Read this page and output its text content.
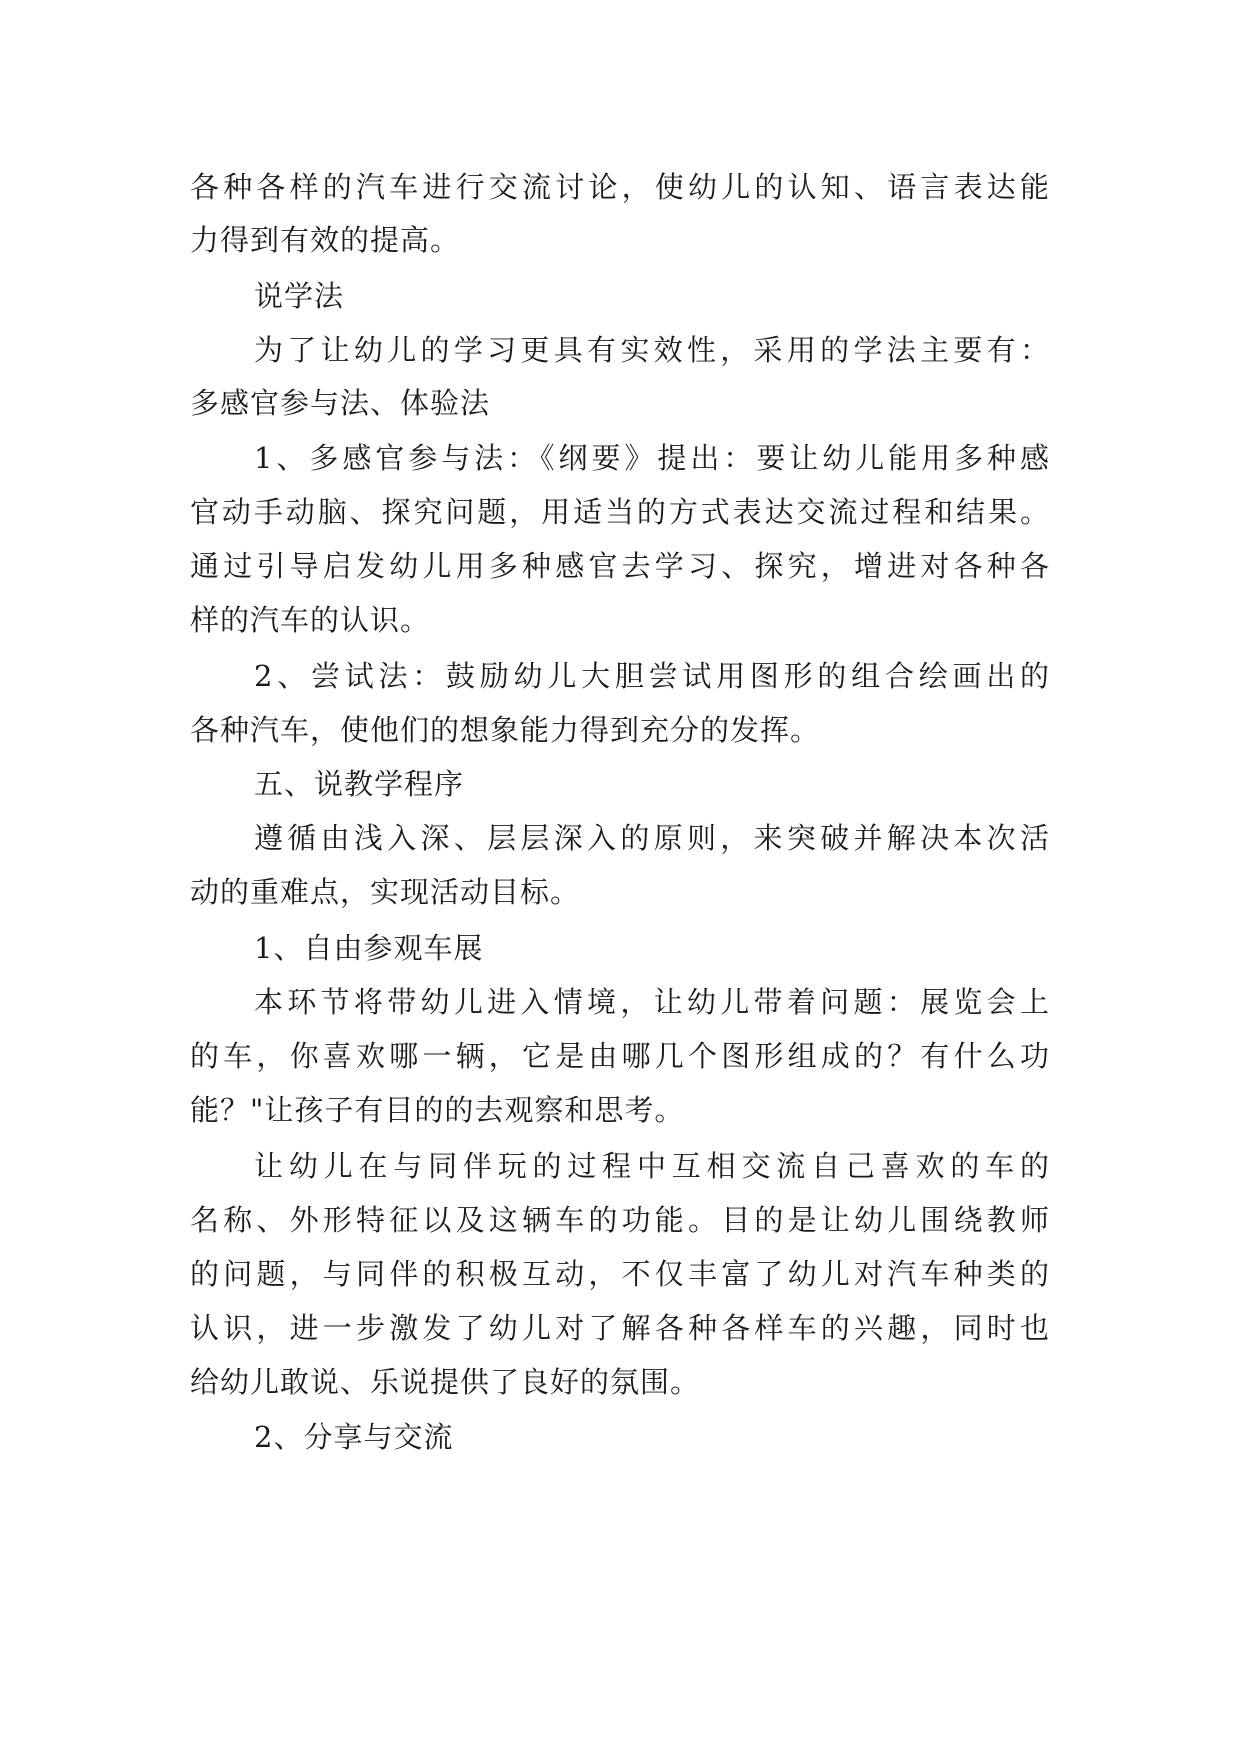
各种各样的汽车进行交流讨论，使幼儿的认知、语言表达能
力得到有效的提高。
说学法
为了让幼儿的学习更具有实效性，采用的学法主要有：
多感官参与法、体验法
1、多感官参与法：《纲要》提出：要让幼儿能用多种感
官动手动脑、探究问题，用适当的方式表达交流过程和结果。
通过引导启发幼儿用多种感官去学习、探究，增进对各种各
样的汽车的认识。
2、尝试法：鼓励幼儿大胆尝试用图形的组合绘画出的
各种汽车，使他们的想象能力得到充分的发挥。
五、说教学程序
遵循由浅入深、层层深入的原则，来突破并解决本次活
动的重难点，实现活动目标。
1、自由参观车展
本环节将带幼儿进入情境，让幼儿带着问题：展览会上
的车，你喜欢哪一辆，它是由哪几个图形组成的？有什么功
能？"让孩子有目的的去观察和思考。
让幼儿在与同伴玩的过程中互相交流自己喜欢的车的
名称、外形特征以及这辆车的功能。目的是让幼儿围绕教师
的问题，与同伴的积极互动，不仅丰富了幼儿对汽车种类的
认识，进一步激发了幼儿对了解各种各样车的兴趣，同时也
给幼儿敢说、乐说提供了良好的氛围。
2、分享与交流
